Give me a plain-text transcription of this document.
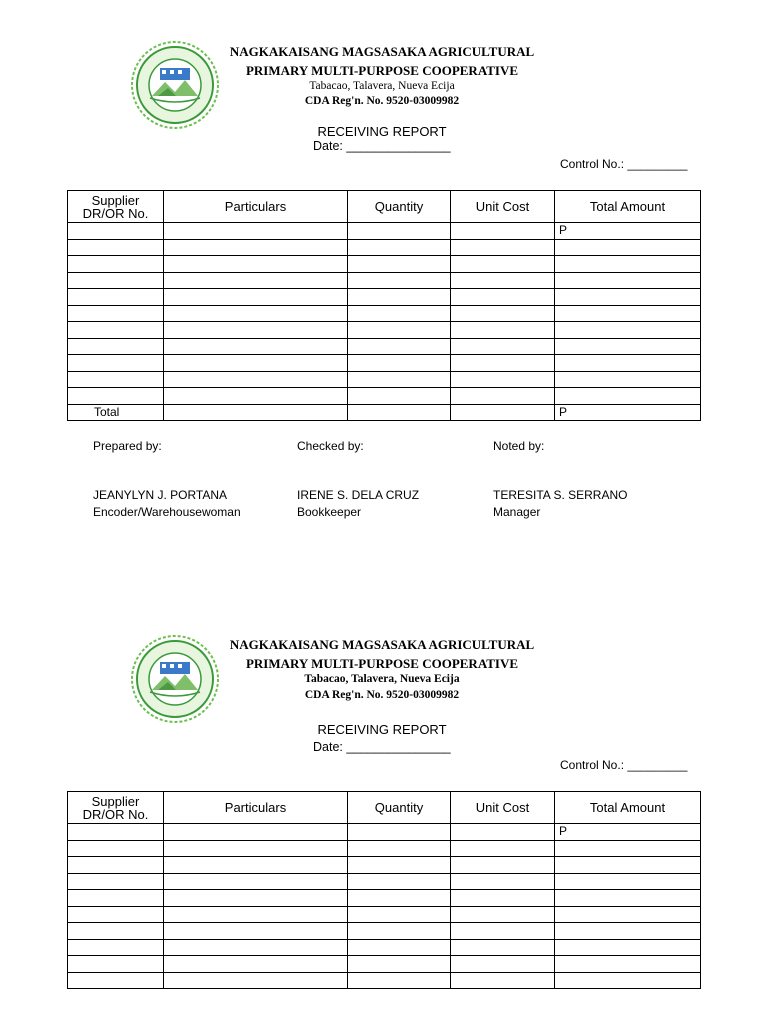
NAGKAKAISANG MAGSASAKA AGRICULTURAL
PRIMARY MULTI-PURPOSE COOPERATIVE
Tabacao, Talavera, Nueva Ecija
CDA Reg'n. No. 9520-03009982
RECEIVING REPORT
Date: _______________
Control No.: _________
Supplier
DR/OR No.	Particulars	Quantity	Unit Cost	Total Amount
				P

Total				P
Prepared by:	Checked by:	Noted by:
JEANYLYN J. PORTANA	IRENE S. DELA CRUZ	TERESITA S. SERRANO
Encoder/Warehousewoman	Bookkeeper	Manager
NAGKAKAISANG MAGSASAKA AGRICULTURAL
PRIMARY MULTI-PURPOSE COOPERATIVE
Tabacao, Talavera, Nueva Ecija
CDA Reg'n. No. 9520-03009982
RECEIVING REPORT
Date: _______________
Control No.: _________
Supplier
DR/OR No.	Particulars	Quantity	Unit Cost	Total Amount
				P
